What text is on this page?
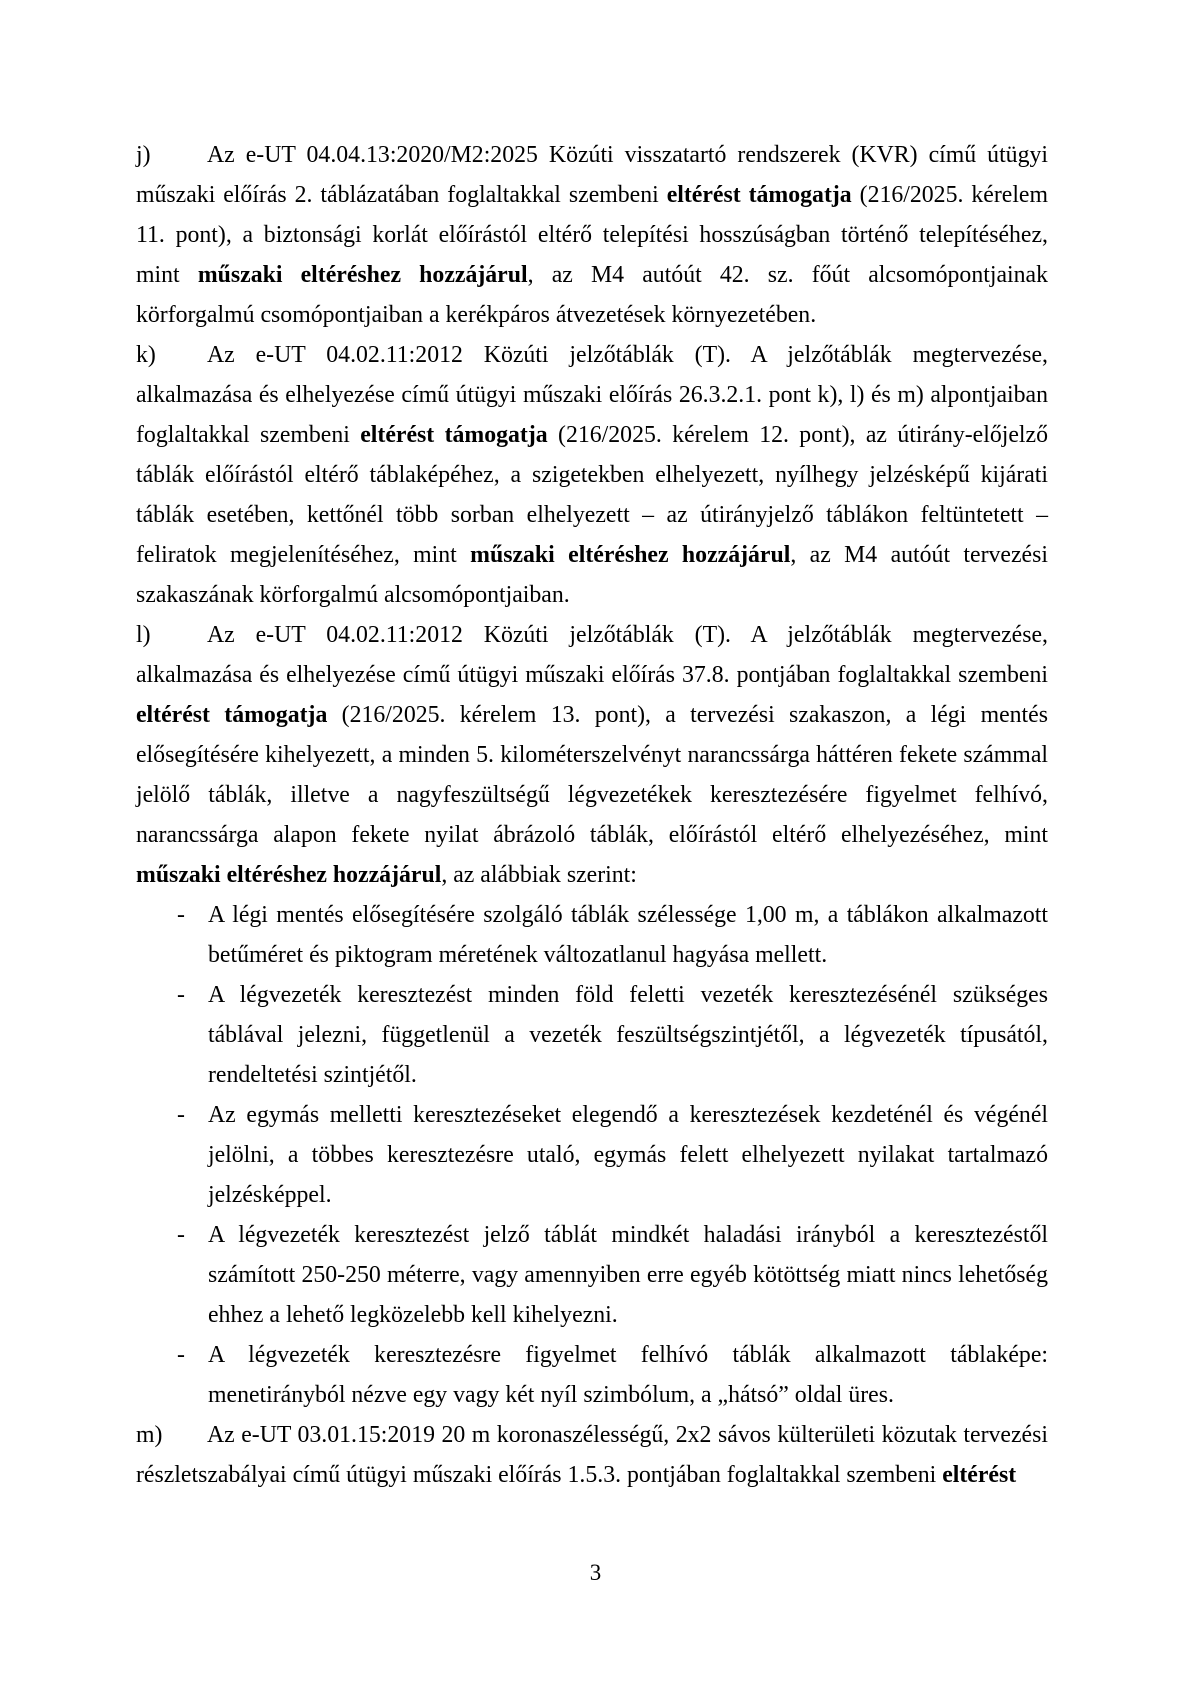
j) Az e-UT 04.04.13:2020/M2:2025 Közúti visszatartó rendszerek (KVR) című útügyi műszaki előírás 2. táblázatában foglaltakkal szembeni eltérést támogatja (216/2025. kérelem 11. pont), a biztonsági korlát előírástól eltérő telepítési hosszúságban történő telepítéséhez, mint műszaki eltéréshez hozzájárul, az M4 autóút 42. sz. főút alcsomópontjainak körforgalmú csomópontjaiban a kerékpáros átvezetések környezetében.

k) Az e-UT 04.02.11:2012 Közúti jelzőtáblák (T). A jelzőtáblák megtervezése, alkalmazása és elhelyezése című útügyi műszaki előírás 26.3.2.1. pont k), l) és m) alpontjaiban foglaltakkal szembeni eltérést támogatja (216/2025. kérelem 12. pont), az útirány-előjelző táblák előírástól eltérő táblaképéhez, a szigetekben elhelyezett, nyílhegy jelzésképű kijárati táblák esetében, kettőnél több sorban elhelyezett – az útirányjelző táblákon feltüntetett – feliratok megjelenítéséhez, mint műszaki eltéréshez hozzájárul, az M4 autóút tervezési szakaszának körforgalmú alcsomópontjaiban.

l) Az e-UT 04.02.11:2012 Közúti jelzőtáblák (T). A jelzőtáblák megtervezése, alkalmazása és elhelyezése című útügyi műszaki előírás 37.8. pontjában foglaltakkal szembeni eltérést támogatja (216/2025. kérelem 13. pont), a tervezési szakaszon, a légi mentés elősegítésére kihelyezett, a minden 5. kilométerszelvényt narancssárga háttéren fekete számmal jelölő táblák, illetve a nagyfeszültségű légvezetékek keresztezésére figyelmet felhívó, narancssárga alapon fekete nyilat ábrázoló táblák, előírástól eltérő elhelyezéséhez, mint műszaki eltéréshez hozzájárul, az alábbiak szerint:

- A légi mentés elősegítésére szolgáló táblák szélessége 1,00 m, a táblákon alkalmazott betűméret és piktogram méretének változatlanul hagyása mellett.

- A légvezeték keresztezést minden föld feletti vezeték keresztezésénél szükséges táblával jelezni, függetlenül a vezeték feszültségszintjétől, a légvezeték típusától, rendeltetési szintjétől.

- Az egymás melletti keresztezéseket elegendő a keresztezések kezdeténél és végénél jelölni, a többes keresztezésre utaló, egymás felett elhelyezett nyilakat tartalmazó jelzésképpel.

- A légvezeték keresztezést jelző táblát mindkét haladási irányból a keresztezéstől számított 250-250 méterre, vagy amennyiben erre egyéb kötöttség miatt nincs lehetőség ehhez a lehető legközelebb kell kihelyezni.

- A légvezeték keresztezésre figyelmet felhívó táblák alkalmazott táblaképe: menetirányból nézve egy vagy két nyíl szimbólum, a „hátsó” oldal üres.

m) Az e-UT 03.01.15:2019 20 m koronaszélességű, 2x2 sávos külterületi közutak tervezési részletszabályai című útügyi műszaki előírás 1.5.3. pontjában foglaltakkal szembeni eltérést

3
